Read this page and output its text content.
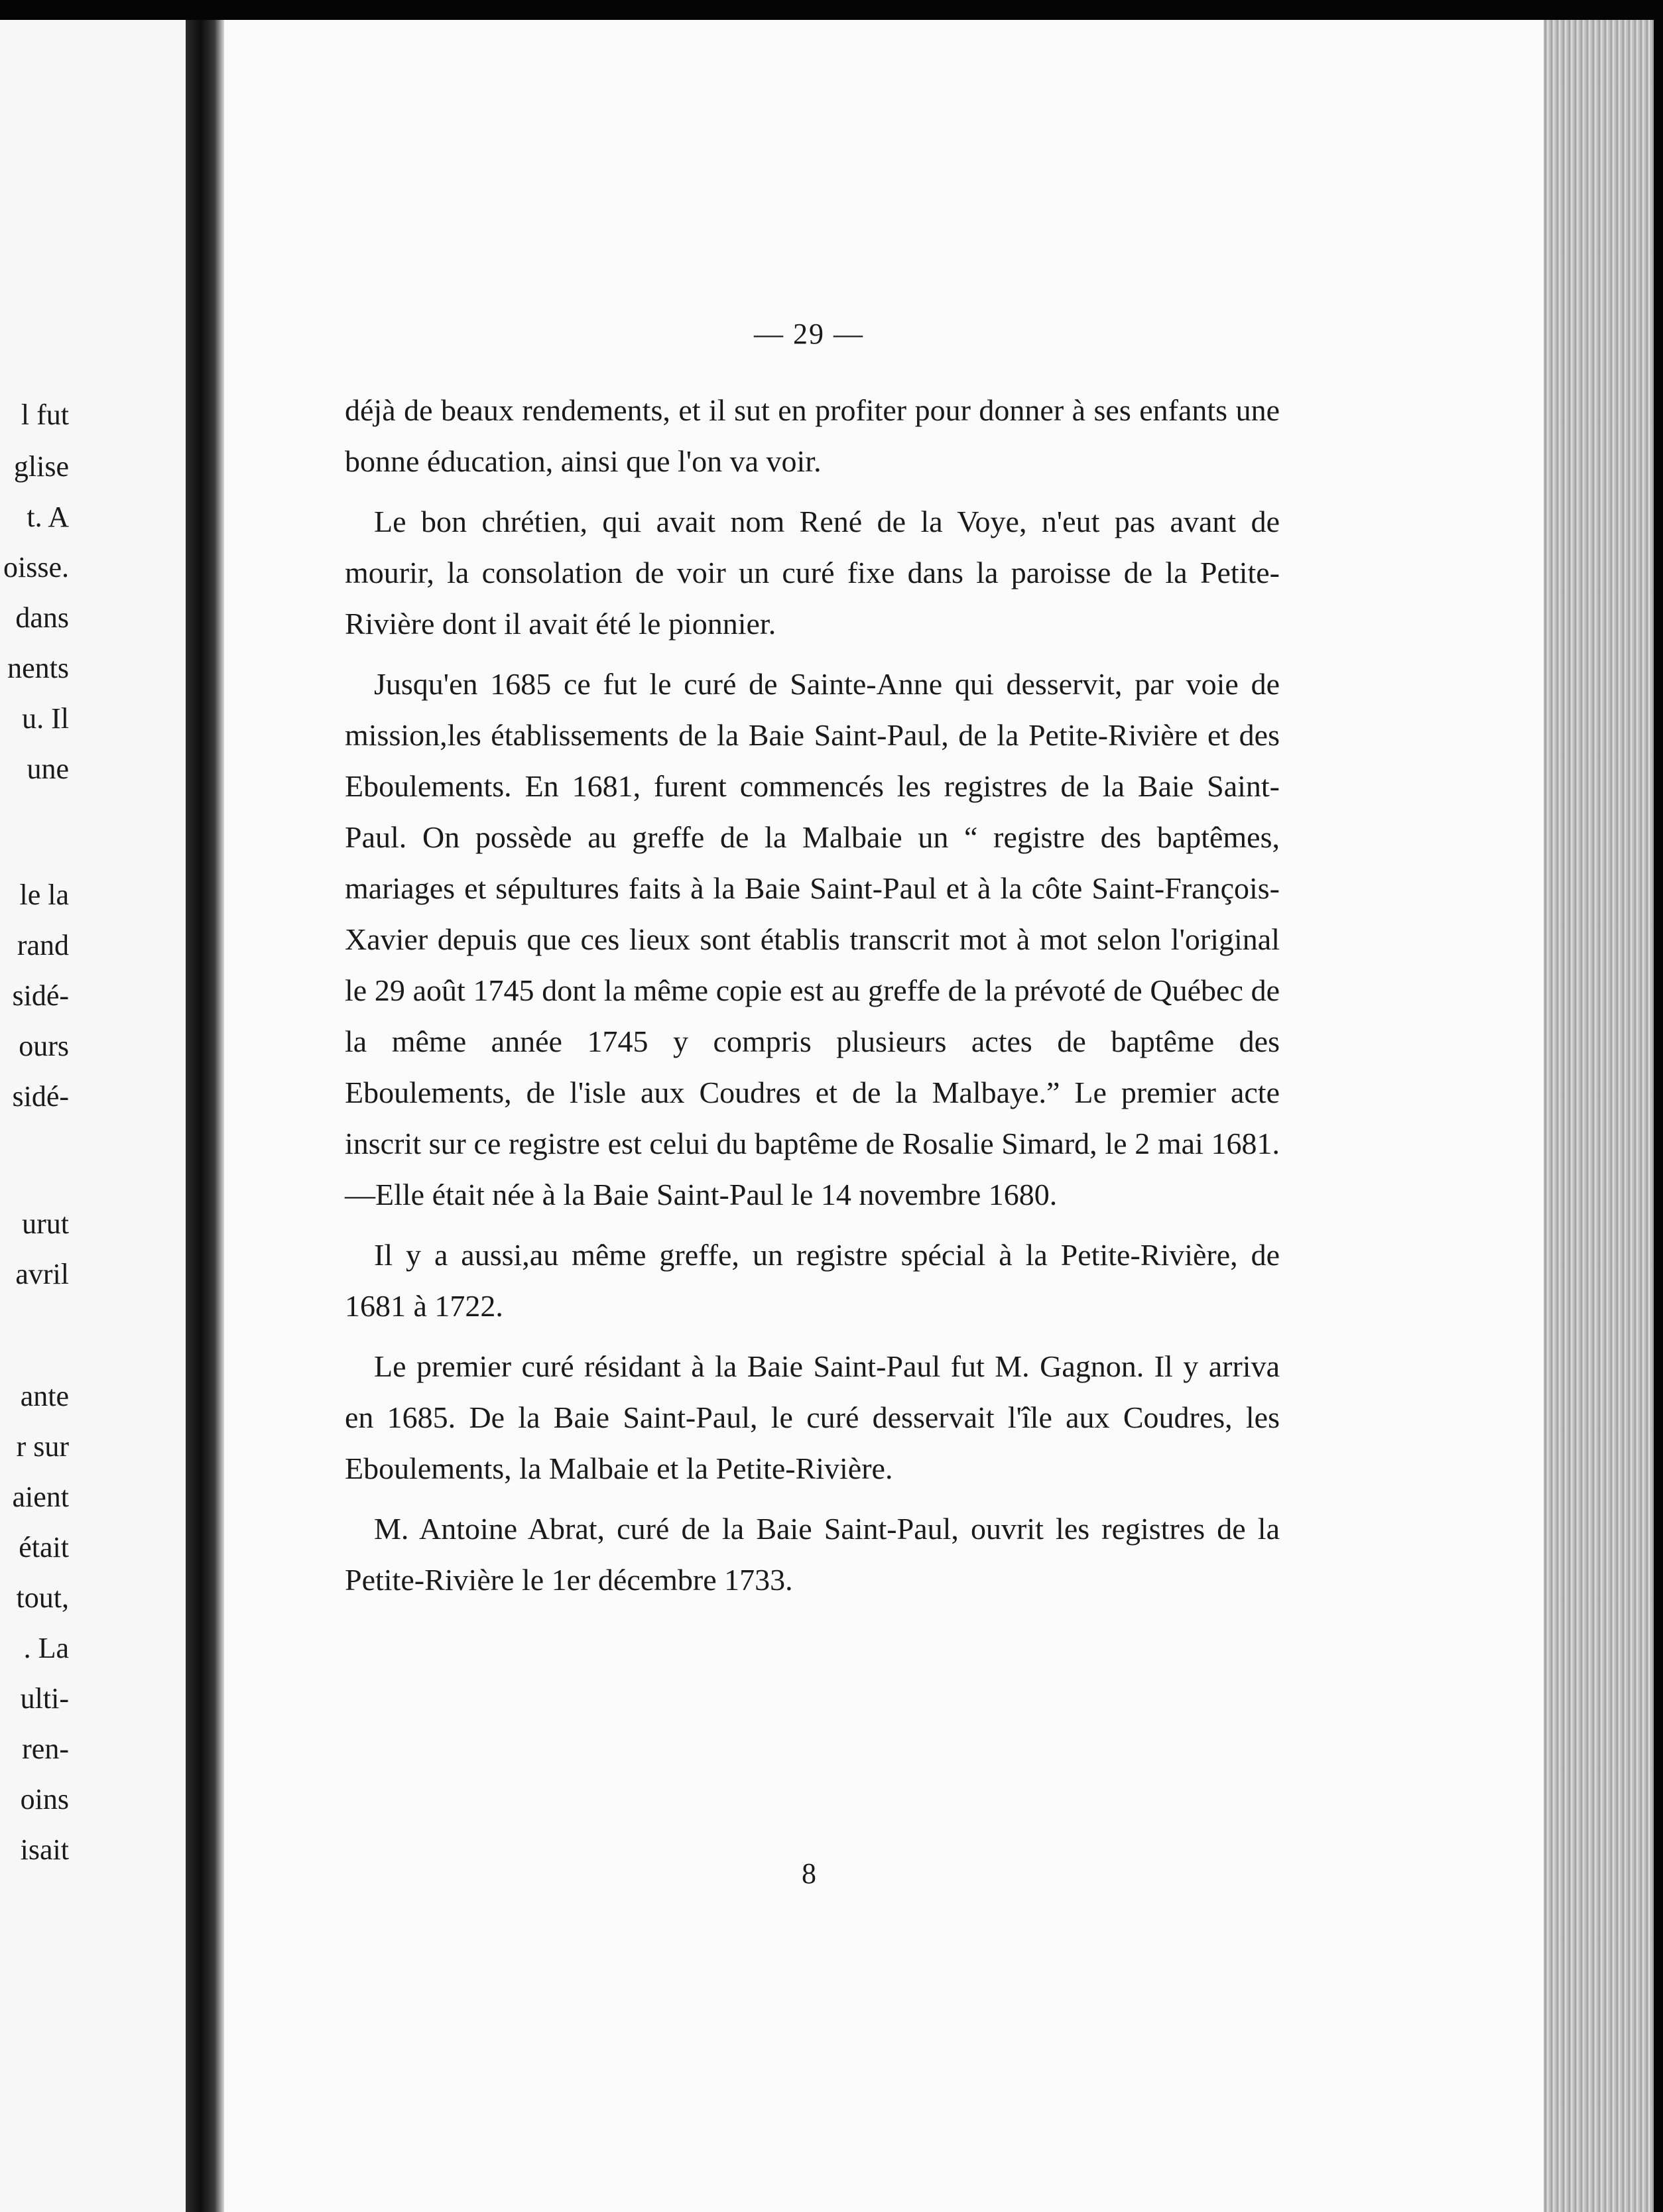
l fut
glise
t. A
oisse.
dans
nents
u. Il
une
le la
rand
sidé-
ours
sidé-
urut
avril
ante
r sur
aient
était
tout,
. La
ulti-
ren-
oins
isait
— 29 —

déjà de beaux rendements, et il sut en profiter pour donner à ses enfants une bonne éducation, ainsi que l'on va voir.

Le bon chrétien, qui avait nom René de la Voye, n'eut pas avant de mourir, la consolation de voir un curé fixe dans la paroisse de la Petite-Rivière dont il avait été le pionnier.

Jusqu'en 1685 ce fut le curé de Sainte-Anne qui desservit, par voie de mission,les établissements de la Baie Saint-Paul, de la Petite-Rivière et des Eboulements. En 1681, furent commencés les registres de la Baie Saint-Paul. On possède au greffe de la Malbaie un “ registre des baptêmes, mariages et sépultures faits à la Baie Saint-Paul et à la côte Saint-François-Xavier depuis que ces lieux sont établis transcrit mot à mot selon l'original le 29 août 1745 dont la même copie est au greffe de la prévoté de Québec de la même année 1745 y compris plusieurs actes de baptême des Eboulements, de l'isle aux Coudres et de la Malbaye.” Le premier acte inscrit sur ce registre est celui du baptême de Rosalie Simard, le 2 mai 1681.—Elle était née à la Baie Saint-Paul le 14 novembre 1680.

Il y a aussi,au même greffe, un registre spécial à la Petite-Rivière, de 1681 à 1722.

Le premier curé résidant à la Baie Saint-Paul fut M. Gagnon. Il y arriva en 1685. De la Baie Saint-Paul, le curé desservait l'île aux Coudres, les Eboulements, la Malbaie et la Petite-Rivière.

M. Antoine Abrat, curé de la Baie Saint-Paul, ouvrit les registres de la Petite-Rivière le 1er décembre 1733.

8
